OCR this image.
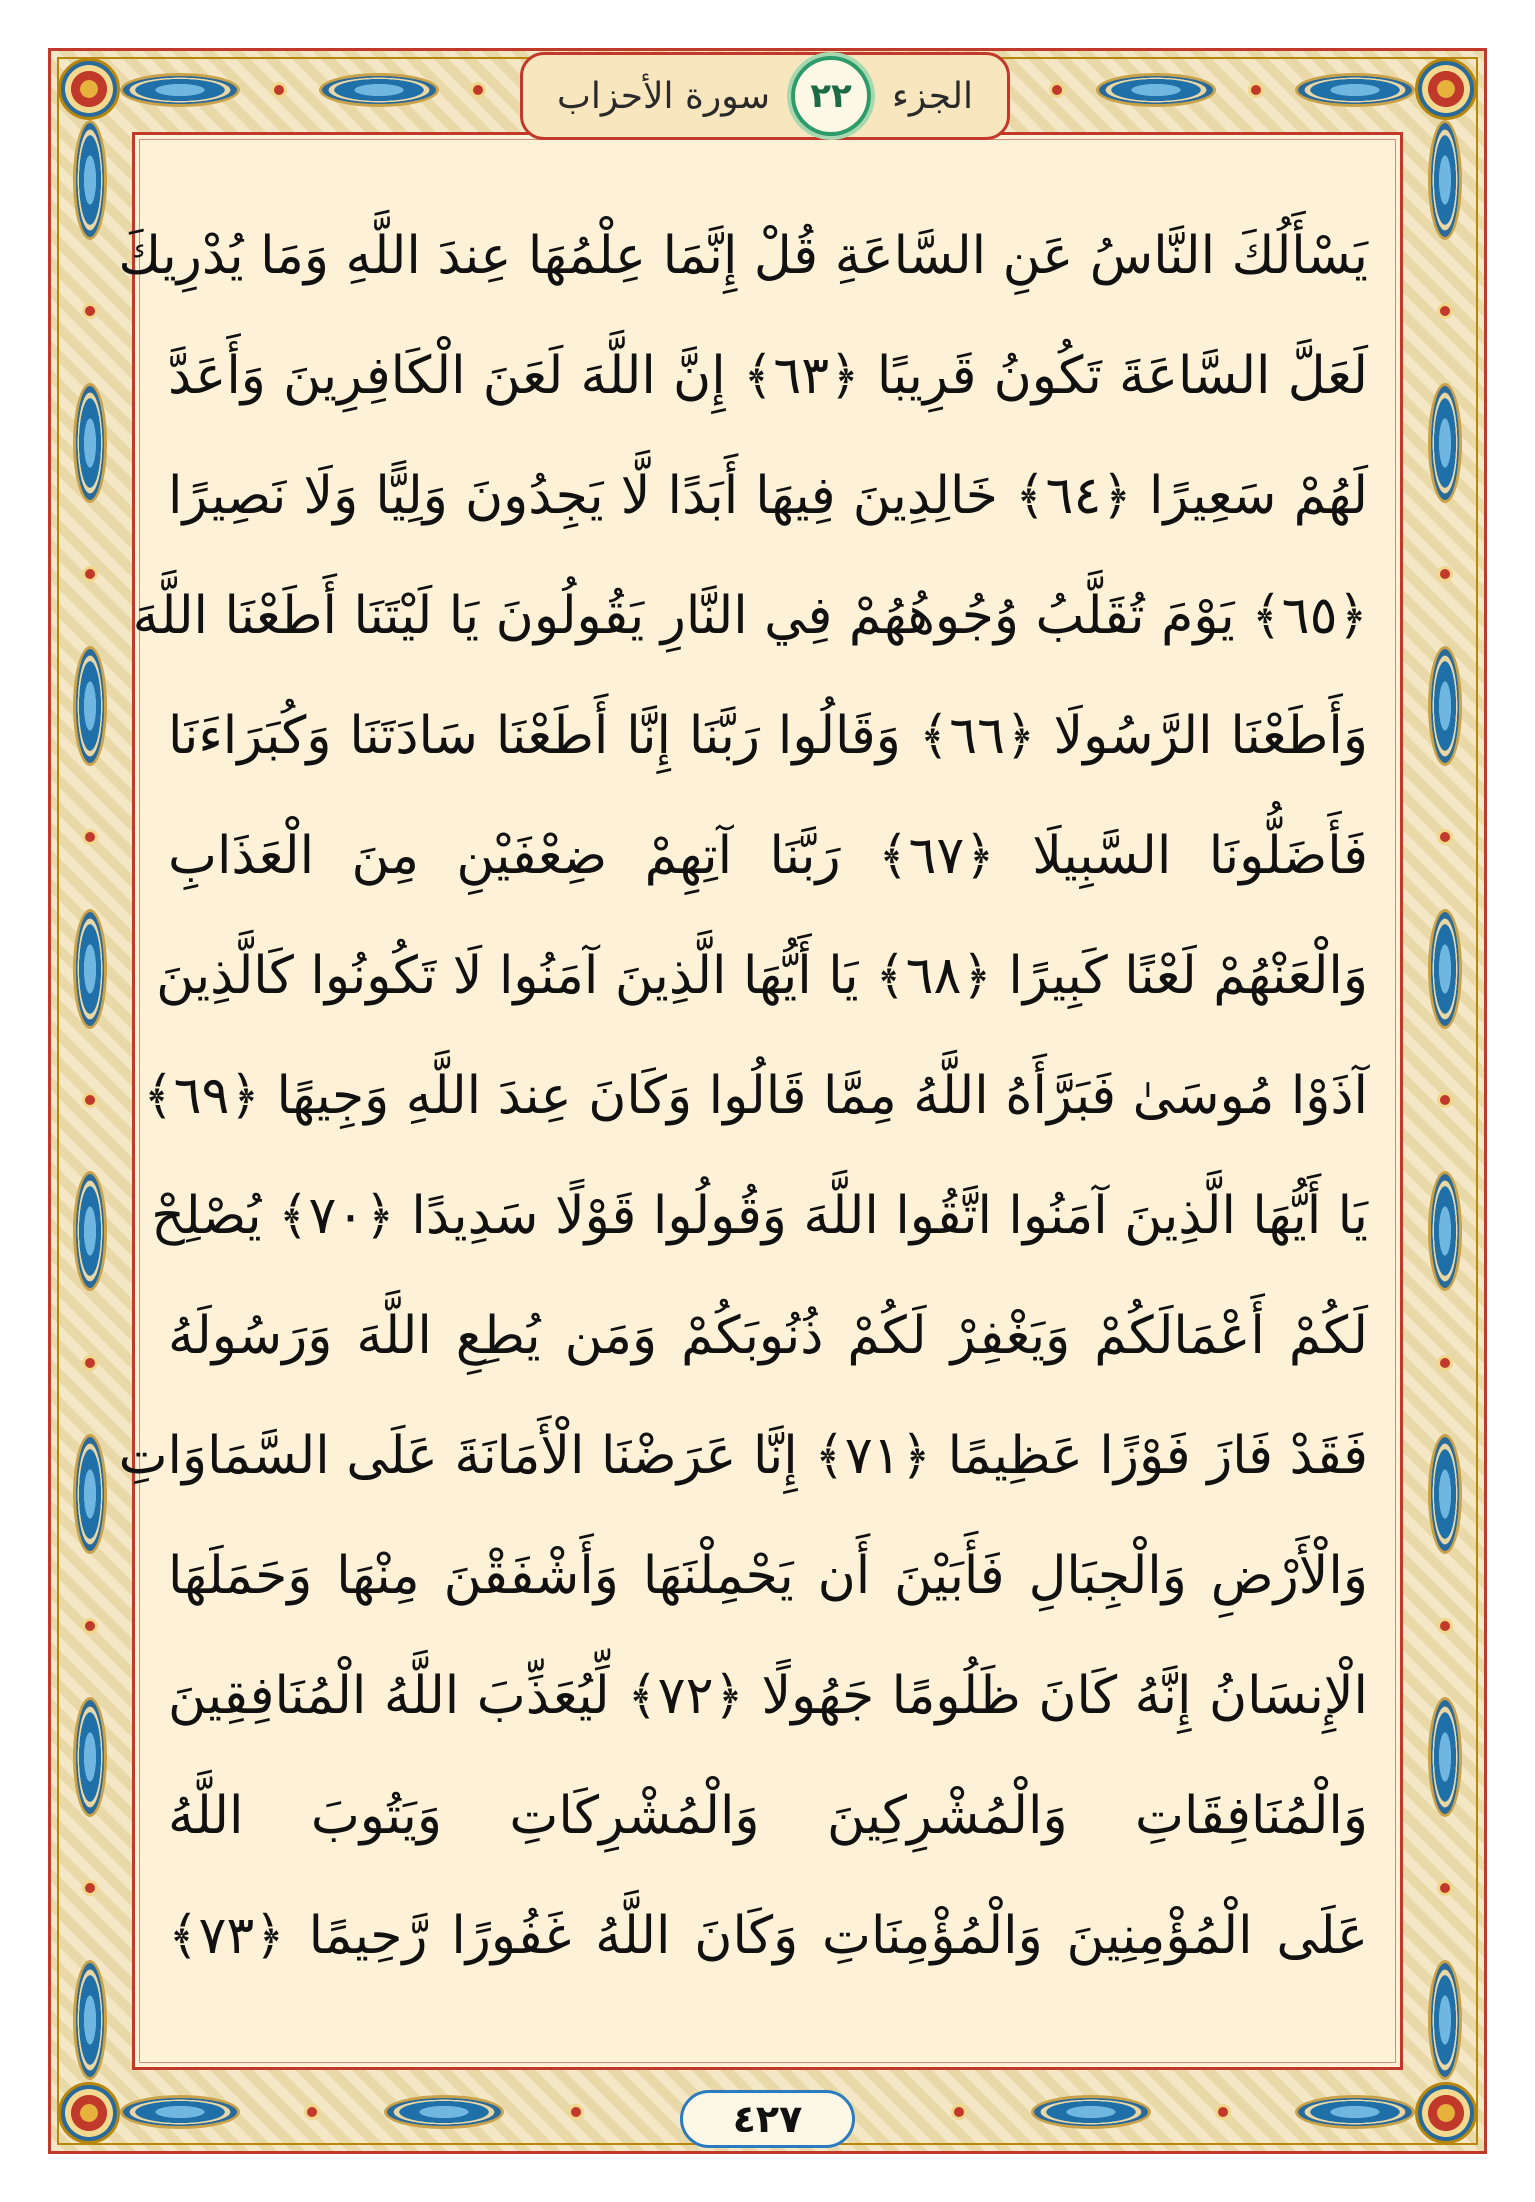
سورة الأحزاب	٢٢	الجزء
يَسْأَلُكَ النَّاسُ عَنِ السَّاعَةِ قُلْ إِنَّمَا عِلْمُهَا عِندَ اللَّهِ وَمَا يُدْرِيكَ
لَعَلَّ السَّاعَةَ تَكُونُ قَرِيبًا ﴿٦٣﴾ إِنَّ اللَّهَ لَعَنَ الْكَافِرِينَ وَأَعَدَّ
لَهُمْ سَعِيرًا ﴿٦٤﴾ خَالِدِينَ فِيهَا أَبَدًا لَّا يَجِدُونَ وَلِيًّا وَلَا نَصِيرًا
﴿٦٥﴾ يَوْمَ تُقَلَّبُ وُجُوهُهُمْ فِي النَّارِ يَقُولُونَ يَا لَيْتَنَا أَطَعْنَا اللَّهَ
وَأَطَعْنَا الرَّسُولَا ﴿٦٦﴾ وَقَالُوا رَبَّنَا إِنَّا أَطَعْنَا سَادَتَنَا وَكُبَرَاءَنَا
فَأَضَلُّونَا السَّبِيلَا ﴿٦٧﴾ رَبَّنَا آتِهِمْ ضِعْفَيْنِ مِنَ الْعَذَابِ
وَالْعَنْهُمْ لَعْنًا كَبِيرًا ﴿٦٨﴾ يَا أَيُّهَا الَّذِينَ آمَنُوا لَا تَكُونُوا كَالَّذِينَ
آذَوْا مُوسَىٰ فَبَرَّأَهُ اللَّهُ مِمَّا قَالُوا وَكَانَ عِندَ اللَّهِ وَجِيهًا ﴿٦٩﴾
يَا أَيُّهَا الَّذِينَ آمَنُوا اتَّقُوا اللَّهَ وَقُولُوا قَوْلًا سَدِيدًا ﴿٧٠﴾ يُصْلِحْ
لَكُمْ أَعْمَالَكُمْ وَيَغْفِرْ لَكُمْ ذُنُوبَكُمْ وَمَن يُطِعِ اللَّهَ وَرَسُولَهُ
فَقَدْ فَازَ فَوْزًا عَظِيمًا ﴿٧١﴾ إِنَّا عَرَضْنَا الْأَمَانَةَ عَلَى السَّمَاوَاتِ
وَالْأَرْضِ وَالْجِبَالِ فَأَبَيْنَ أَن يَحْمِلْنَهَا وَأَشْفَقْنَ مِنْهَا وَحَمَلَهَا
الْإِنسَانُ إِنَّهُ كَانَ ظَلُومًا جَهُولًا ﴿٧٢﴾ لِّيُعَذِّبَ اللَّهُ الْمُنَافِقِينَ
وَالْمُنَافِقَاتِ وَالْمُشْرِكِينَ وَالْمُشْرِكَاتِ وَيَتُوبَ اللَّهُ
عَلَى الْمُؤْمِنِينَ وَالْمُؤْمِنَاتِ وَكَانَ اللَّهُ غَفُورًا رَّحِيمًا ﴿٧٣﴾
٤٢٧
